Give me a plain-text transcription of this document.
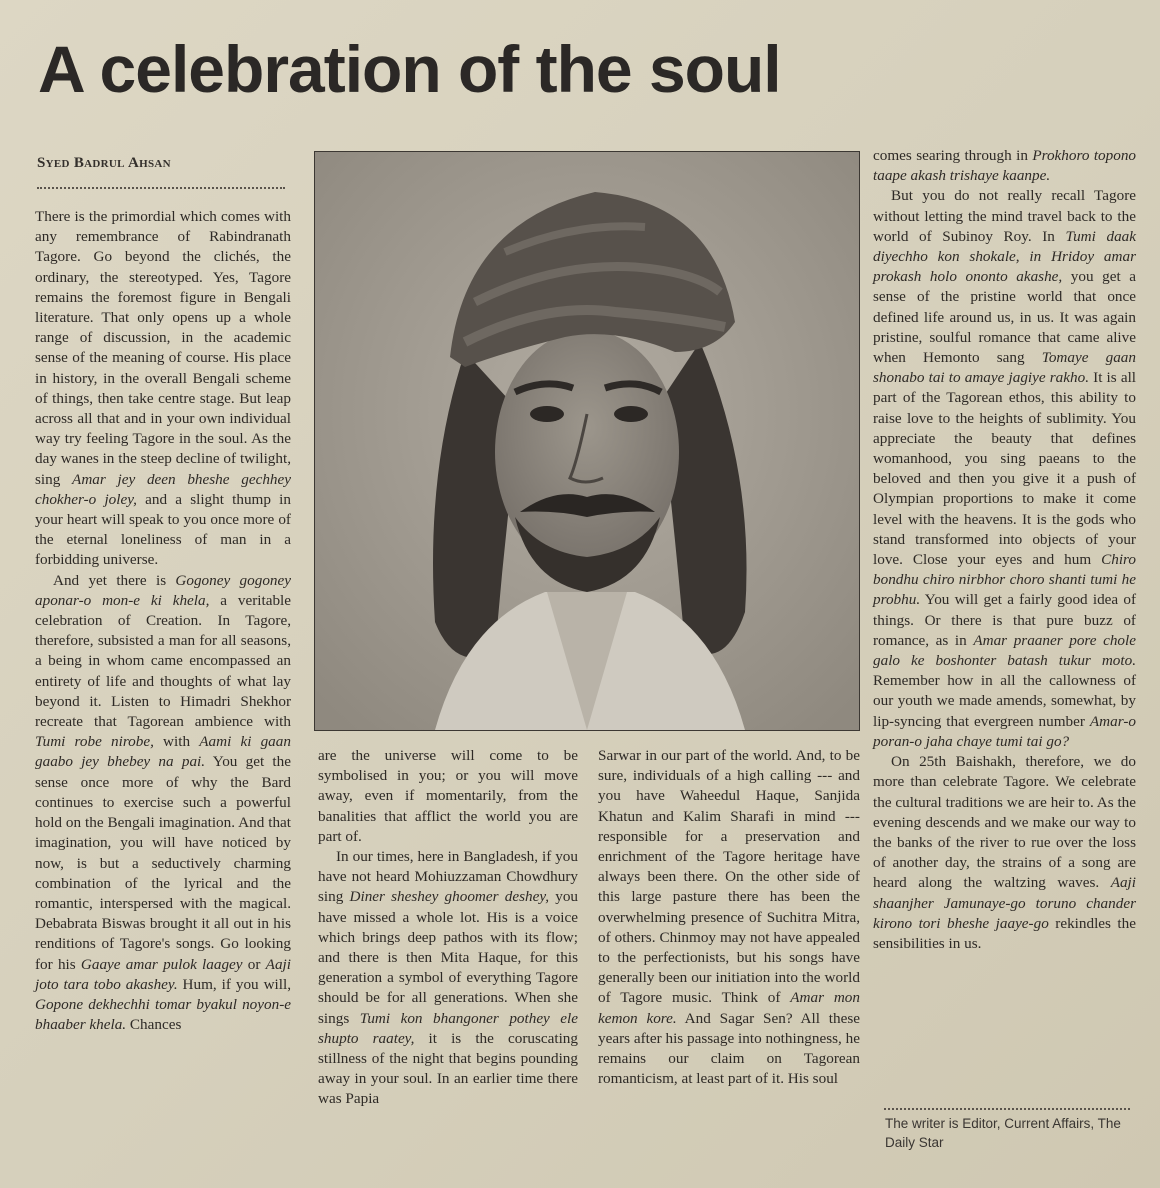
A celebration of the soul
Syed Badrul Ahsan

There is the primordial which comes with any remembrance of Rabindranath Tagore. Go beyond the clichés, the ordinary, the stereotyped. Yes, Tagore remains the foremost figure in Bengali literature. That only opens up a whole range of discussion, in the academic sense of the meaning of course. His place in history, in the overall Bengali scheme of things, then take centre stage. But leap across all that and in your own individual way try feeling Tagore in the soul. As the day wanes in the steep decline of twilight, sing Amar jey deen bheshe gechhey chokher-o joley, and a slight thump in your heart will speak to you once more of the eternal loneliness of man in a forbidding universe.

And yet there is Gogoney gogoney aponar-o mon-e ki khela, a veritable celebration of Creation. In Tagore, therefore, subsisted a man for all seasons, a being in whom came encompassed an entirety of life and thoughts of what lay beyond it. Listen to Himadri Shekhor recreate that Tagorean ambience with Tumi robe nirobe, with Aami ki gaan gaabo jey bhebey na pai. You get the sense once more of why the Bard continues to exercise such a powerful hold on the Bengali imagination. And that imagination, you will have noticed by now, is but a seductively charming combination of the lyrical and the romantic, interspersed with the magical. Debabrata Biswas brought it all out in his renditions of Tagore's songs. Go looking for his Gaaye amar pulok laagey or Aaji joto tara tobo akashey. Hum, if you will, Gopone dekhechhi tomar byakul noyon-e bhaaber khela. Chances

are the universe will come to be symbolised in you; or you will move away, even if momentarily, from the banalities that afflict the world you are part of.

In our times, here in Bangladesh, if you have not heard Mohiuzzaman Chowdhury sing Diner sheshey ghoomer deshey, you have missed a whole lot. His is a voice which brings deep pathos with its flow; and there is then Mita Haque, for this generation a symbol of everything Tagore should be for all generations. When she sings Tumi kon bhangoner pothey ele shupto raatey, it is the coruscating stillness of the night that begins pounding away in your soul. In an earlier time there was Papia

Sarwar in our part of the world. And, to be sure, individuals of a high calling --- and you have Waheedul Haque, Sanjida Khatun and Kalim Sharafi in mind --- responsible for a preservation and enrichment of the Tagore heritage have always been there. On the other side of this large pasture there has been the overwhelming presence of Suchitra Mitra, of others. Chinmoy may not have appealed to the perfectionists, but his songs have generally been our initiation into the world of Tagore music. Think of Amar mon kemon kore. And Sagar Sen? All these years after his passage into nothingness, he remains our claim on Tagorean romanticism, at least part of it. His soul

comes searing through in Prokhoro topono taape akash trishaye kaanpe.

But you do not really recall Tagore without letting the mind travel back to the world of Subinoy Roy. In Tumi daak diyechho kon shokale, in Hridoy amar prokash holo ononto akashe, you get a sense of the pristine world that once defined life around us, in us. It was again pristine, soulful romance that came alive when Hemonto sang Tomaye gaan shonabo tai to amaye jagiye rakho. It is all part of the Tagorean ethos, this ability to raise love to the heights of sublimity. You appreciate the beauty that defines womanhood, you sing paeans to the beloved and then you give it a push of Olympian proportions to make it come level with the heavens. It is the gods who stand transformed into objects of your love. Close your eyes and hum Chiro bondhu chiro nirbhor choro shanti tumi he probhu. You will get a fairly good idea of things. Or there is that pure buzz of romance, as in Amar praaner pore chole galo ke boshonter batash tukur moto. Remember how in all the callowness of our youth we made amends, somewhat, by lip-syncing that evergreen number Amar-o poran-o jaha chaye tumi tai go?

On 25th Baishakh, therefore, we do more than celebrate Tagore. We celebrate the cultural traditions we are heir to. As the evening descends and we make our way to the banks of the river to rue over the loss of another day, the strains of a song are heard along the waltzing waves. Aaji shaanjher Jamunaye-go toruno chander kirono tori bheshe jaaye-go rekindles the sensibilities in us.

The writer is Editor, Current Affairs, The Daily Star
